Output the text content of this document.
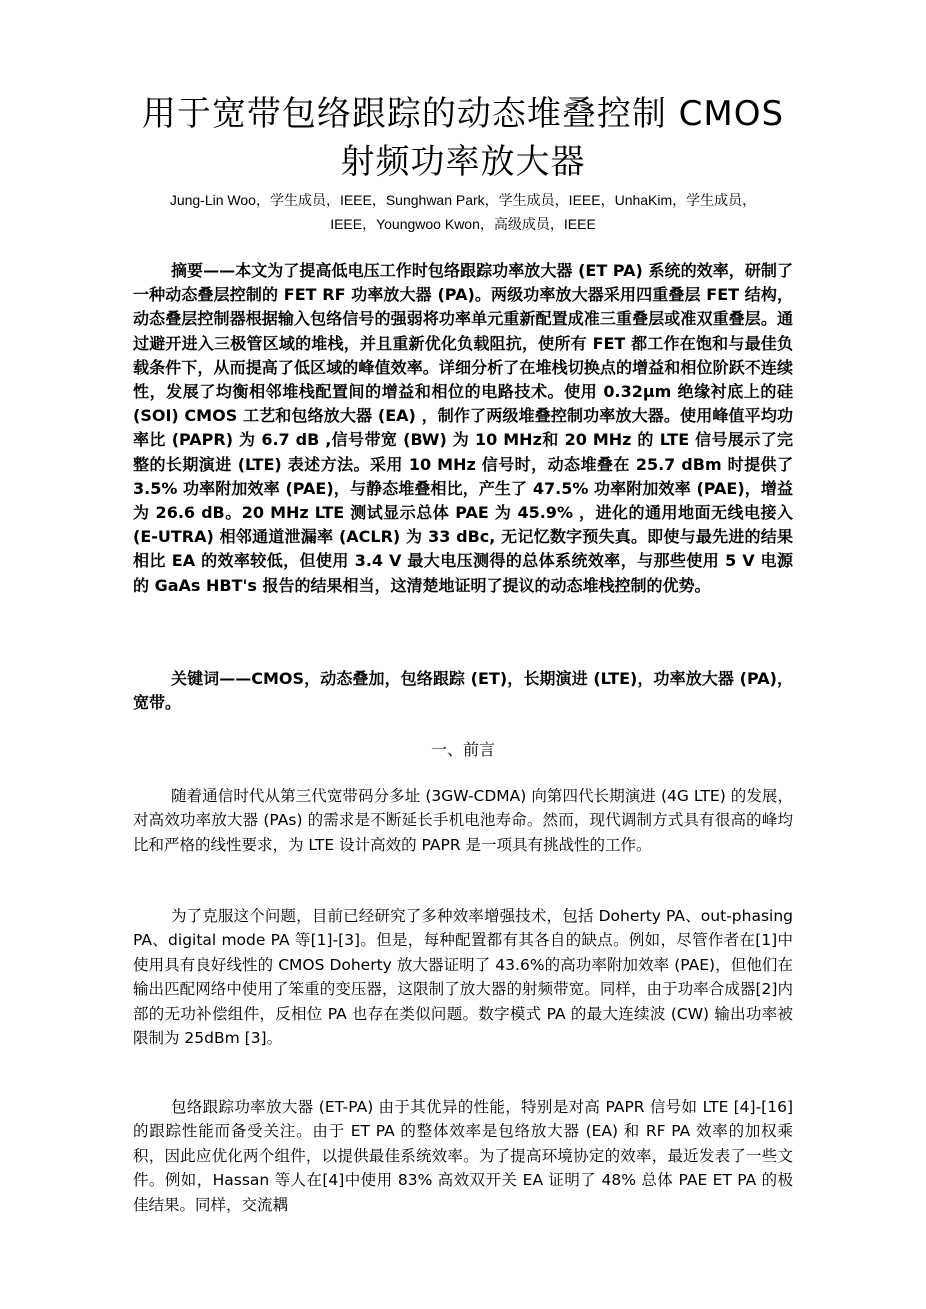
用于宽带包络跟踪的动态堆叠控制 CMOS
射频功率放大器
Jung-Lin Woo，学生成员，IEEE，Sunghwan Park，学生成员，IEEE，UnhaKim，学生成员，
IEEE，Youngwoo Kwon，高级成员，IEEE
摘要——本文为了提高低电压工作时包络跟踪功率放大器 (ET PA) 系统的效率，研制了一种动态叠层控制的 FET RF 功率放大器 (PA)。两级功率放大器采用四重叠层 FET 结构，动态叠层控制器根据输入包络信号的强弱将功率单元重新配置成准三重叠层或准双重叠层。通过避开进入三极管区域的堆栈，并且重新优化负载阻抗，使所有 FET 都工作在饱和与最佳负载条件下，从而提高了低区域的峰值效率。详细分析了在堆栈切换点的增益和相位阶跃不连续性，发展了均衡相邻堆栈配置间的增益和相位的电路技术。使用 0.32µm 绝缘衬底上的硅 (SOI) CMOS 工艺和包络放大器 (EA) ，制作了两级堆叠控制功率放大器。使用峰值平均功率比 (PAPR) 为 6.7 dB ,信号带宽 (BW) 为 10 MHz和 20 MHz 的 LTE 信号展示了完整的长期演进 (LTE) 表述方法。采用 10 MHz 信号时，动态堆叠在 25.7 dBm 时提供了 3.5% 功率附加效率 (PAE)，与静态堆叠相比，产生了 47.5% 功率附加效率 (PAE)，增益为 26.6 dB。20 MHz LTE 测试显示总体 PAE 为 45.9% ，进化的通用地面无线电接入 (E-UTRA) 相邻通道泄漏率 (ACLR) 为 33 dBc, 无记忆数字预失真。即使与最先进的结果相比 EA 的效率较低，但使用 3.4 V 最大电压测得的总体系统效率，与那些使用 5 V 电源的 GaAs HBT's 报告的结果相当，这清楚地证明了提议的动态堆栈控制的优势。
关键词——CMOS，动态叠加，包络跟踪 (ET)，长期演进 (LTE)，功率放大器 (PA)，宽带。
一、前言
随着通信时代从第三代宽带码分多址 (3GW-CDMA) 向第四代长期演进 (4G LTE) 的发展，对高效功率放大器 (PAs) 的需求是不断延长手机电池寿命。然而，现代调制方式具有很高的峰均比和严格的线性要求，为 LTE 设计高效的 PAPR 是一项具有挑战性的工作。
为了克服这个问题，目前已经研究了多种效率增强技术，包括 Doherty PA、out-phasing PA、digital mode PA 等[1]-[3]。但是，每种配置都有其各自的缺点。例如，尽管作者在[1]中使用具有良好线性的 CMOS Doherty 放大器证明了 43.6%的高功率附加效率 (PAE)，但他们在输出匹配网络中使用了笨重的变压器，这限制了放大器的射频带宽。同样，由于功率合成器[2]内部的无功补偿组件，反相位 PA 也存在类似问题。数字模式 PA 的最大连续波 (CW) 输出功率被限制为 25dBm [3]。
包络跟踪功率放大器 (ET-PA) 由于其优异的性能，特别是对高 PAPR 信号如 LTE [4]-[16]的跟踪性能而备受关注。由于 ET PA 的整体效率是包络放大器 (EA) 和 RF PA 效率的加权乘积，因此应优化两个组件，以提供最佳系统效率。为了提高环境协定的效率，最近发表了一些文件。例如，Hassan 等人在[4]中使用 83% 高效双开关 EA 证明了 48% 总体 PAE ET PA 的极佳结果。同样，交流耦
